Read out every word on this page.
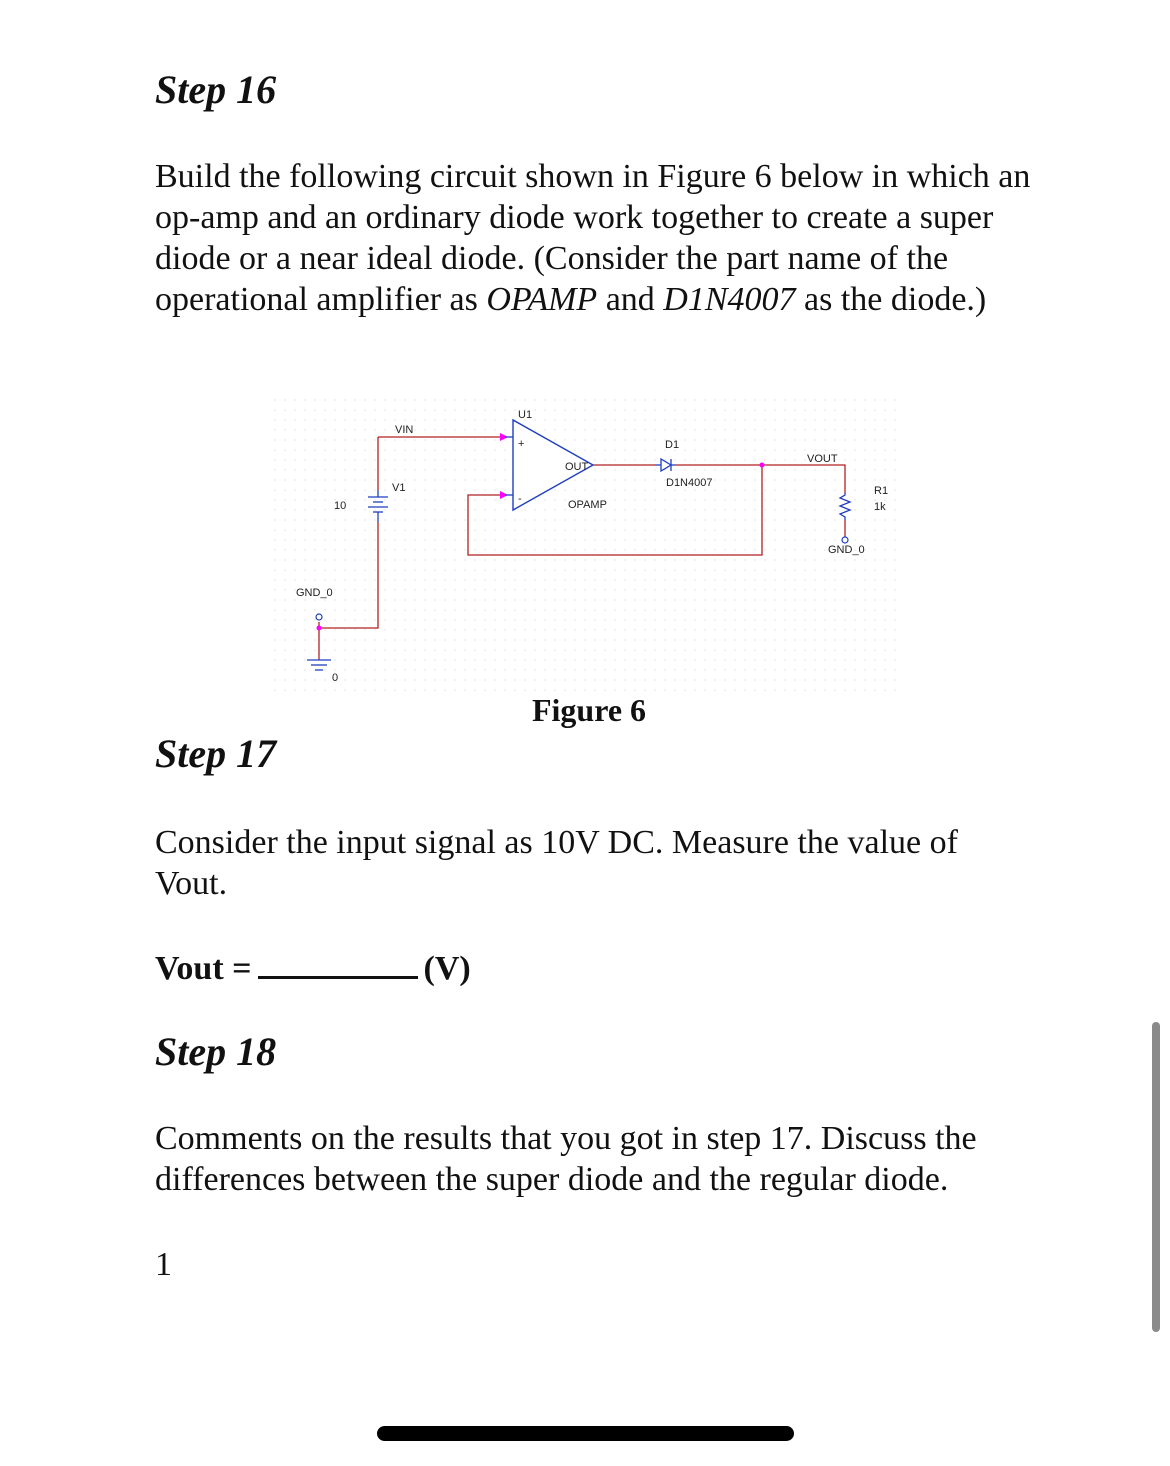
Step 16
Build the following circuit shown in Figure 6 below in which an op-amp and an ordinary diode work together to create a super diode or a near ideal diode. (Consider the part name of the operational amplifier as OPAMP and D1N4007 as the diode.)
VIN
V1
10
GND_0
0
U1
+
-
OUT
OPAMP
D1
D1N4007
VOUT
R1
1k
GND_0
Figure 6
Step 17
Consider the input signal as 10V DC. Measure the value of Vout.
Vout =	(V)
Step 18
Comments on the results that you got in step 17. Discuss the differences between the super diode and the regular diode.
1
